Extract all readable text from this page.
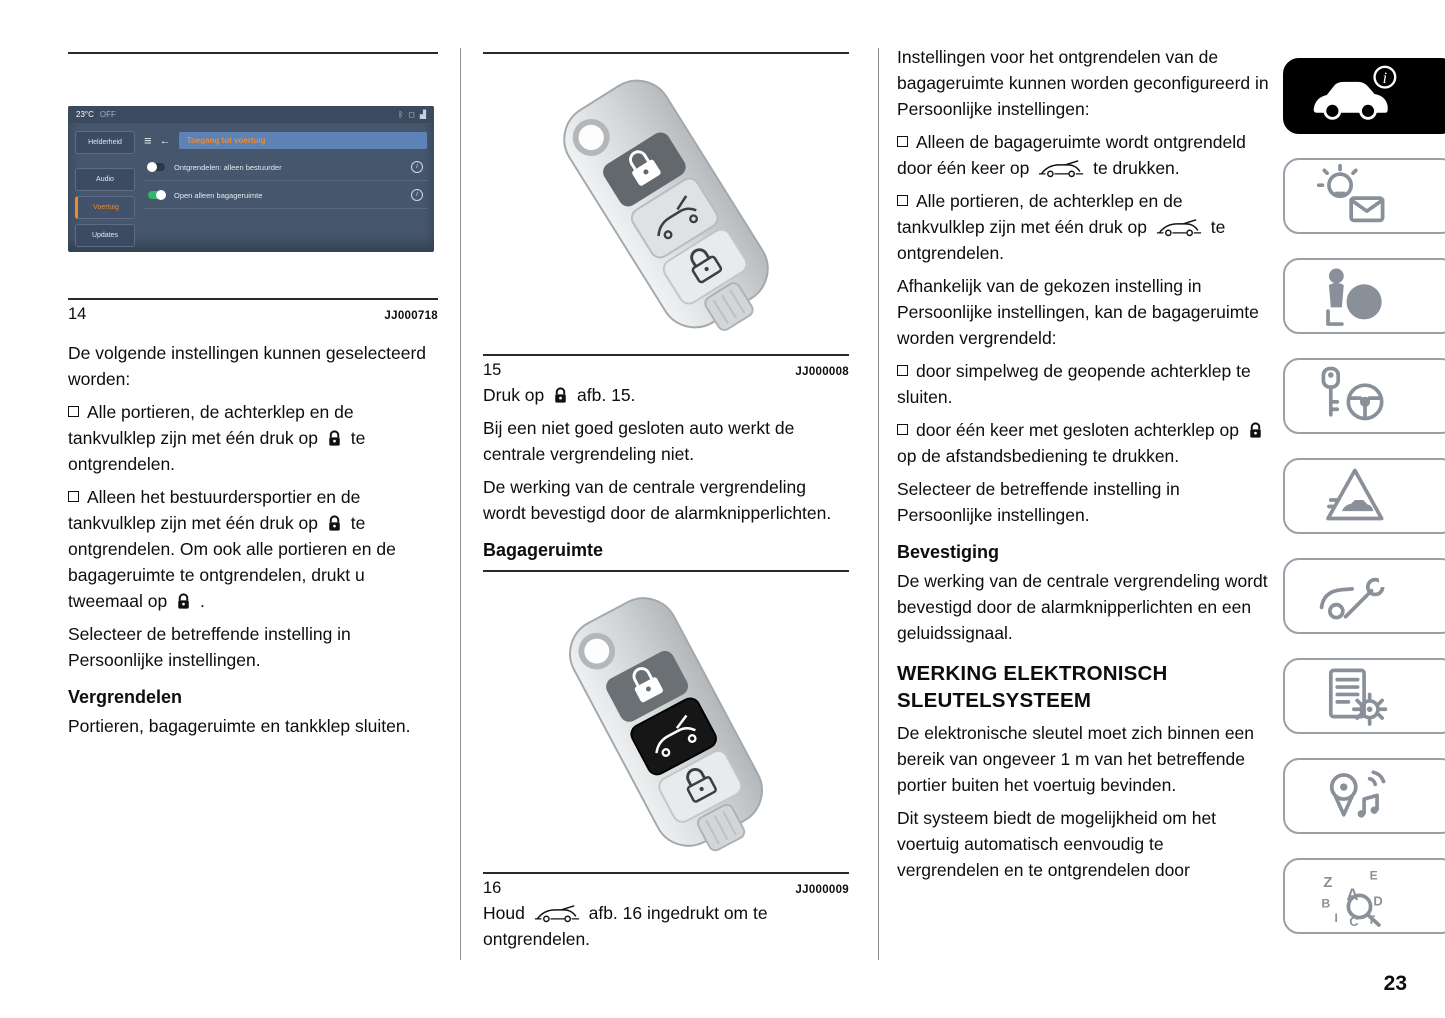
23°C OFF	ᛒ ◻ ▟
Helderheid
Audio
Voertuig
Updates
≡ ←	Toegang tot voertuig
Ontgrendelen: alleen bestuurder	i
Open alleen bagageruimte	i
14	JJ000718

De volgende instellingen kunnen geselecteerd worden:

Alle portieren, de achterklep en de tankvulklep zijn met één druk op te ontgrendelen.

Alleen het bestuurdersportier en de tankvulklep zijn met één druk op te ontgrendelen. Om ook alle portieren en de bagageruimte te ontgrendelen, drukt u tweemaal op .

Selecteer de betreffende instelling in Persoonlijke instellingen.

Vergrendelen

Portieren, bagageruimte en tankklep sluiten.

15	JJ000008

Druk op afb. 15.

Bij een niet goed gesloten auto werkt de centrale vergrendeling niet.

De werking van de centrale vergrendeling wordt bevestigd door de alarmknipperlichten.

Bagageruimte
16	JJ000009

Houd	afb. 16 ingedrukt om te ontgrendelen.

Instellingen voor het ontgrendelen van de bagageruimte kunnen worden geconfigureerd in Persoonlijke instellingen:

Alleen de bagageruimte wordt ontgrendeld door één keer op	te drukken.

Alle portieren, de achterklep en de tankvulklep zijn met één druk op	te ontgrendelen.

Afhankelijk van de gekozen instelling in Persoonlijke instellingen, kan de bagageruimte worden vergrendeld:

door simpelweg de geopende achterklep te sluiten.

door één keer met gesloten achterklep op
op de afstandsbediening te drukken.

Selecteer de betreffende instelling in Persoonlijke instellingen.

Bevestiging

De werking van de centrale vergrendeling wordt bevestigd door de alarmknipperlichten en een geluidssignaal.

WERKING ELEKTRONISCH SLEUTELSYSTEEM

De elektronische sleutel moet zich binnen een bereik van ongeveer 1 m van het betreffende portier buiten het voertuig bevinden.

Dit systeem biedt de mogelijkheid om het voertuig automatisch eenvoudig te vergrendelen en te ontgrendelen door

i
Z	E
B A D
I C T
23
